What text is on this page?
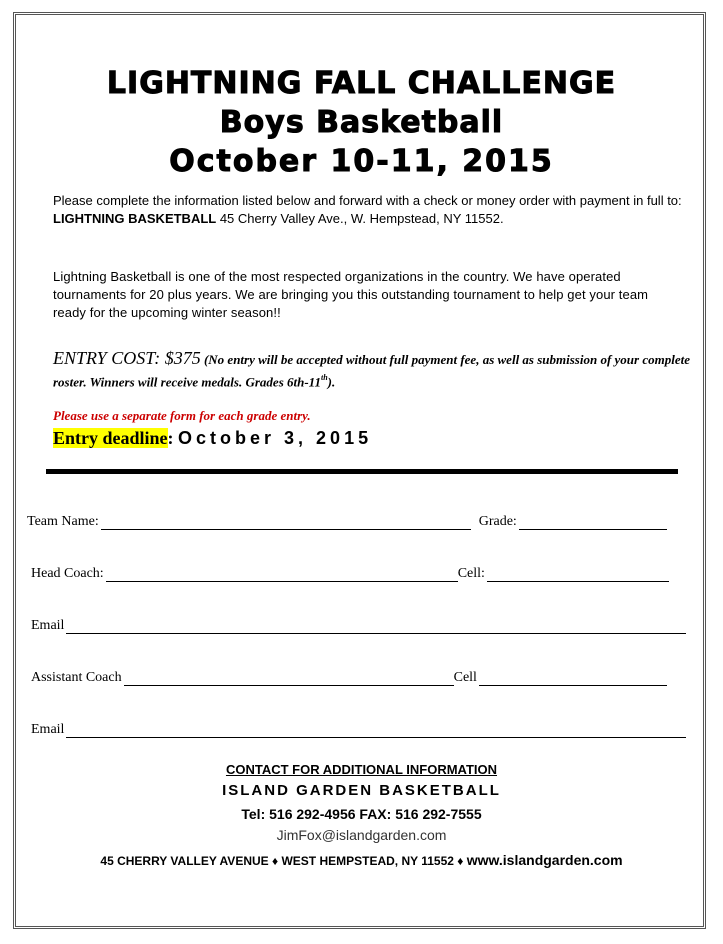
LIGHTNING FALL CHALLENGE
Boys Basketball
October 10-11, 2015
Please complete the information listed below and forward with a check or money order with payment in full to: LIGHTNING BASKETBALL 45 Cherry Valley Ave., W. Hempstead, NY 11552.
Lightning Basketball is one of the most respected organizations in the country. We have operated tournaments for 20 plus years. We are bringing you this outstanding tournament to help get your team ready for the upcoming winter season!!
ENTRY COST: $375 (No entry will be accepted without full payment fee, as well as submission of your complete roster. Winners will receive medals. Grades 6th-11th).
Please use a separate form for each grade entry.
Entry deadline: October 3, 2015
Team Name:	Grade:
Head Coach:	Cell:
Email
Assistant Coach	Cell
Email
CONTACT FOR ADDITIONAL INFORMATION
ISLAND GARDEN BASKETBALL
Tel: 516 292-4956 FAX: 516 292-7555
JimFox@islandgarden.com
45 CHERRY VALLEY AVENUE ♦ WEST HEMPSTEAD, NY 11552 ♦ www.islandgarden.com
